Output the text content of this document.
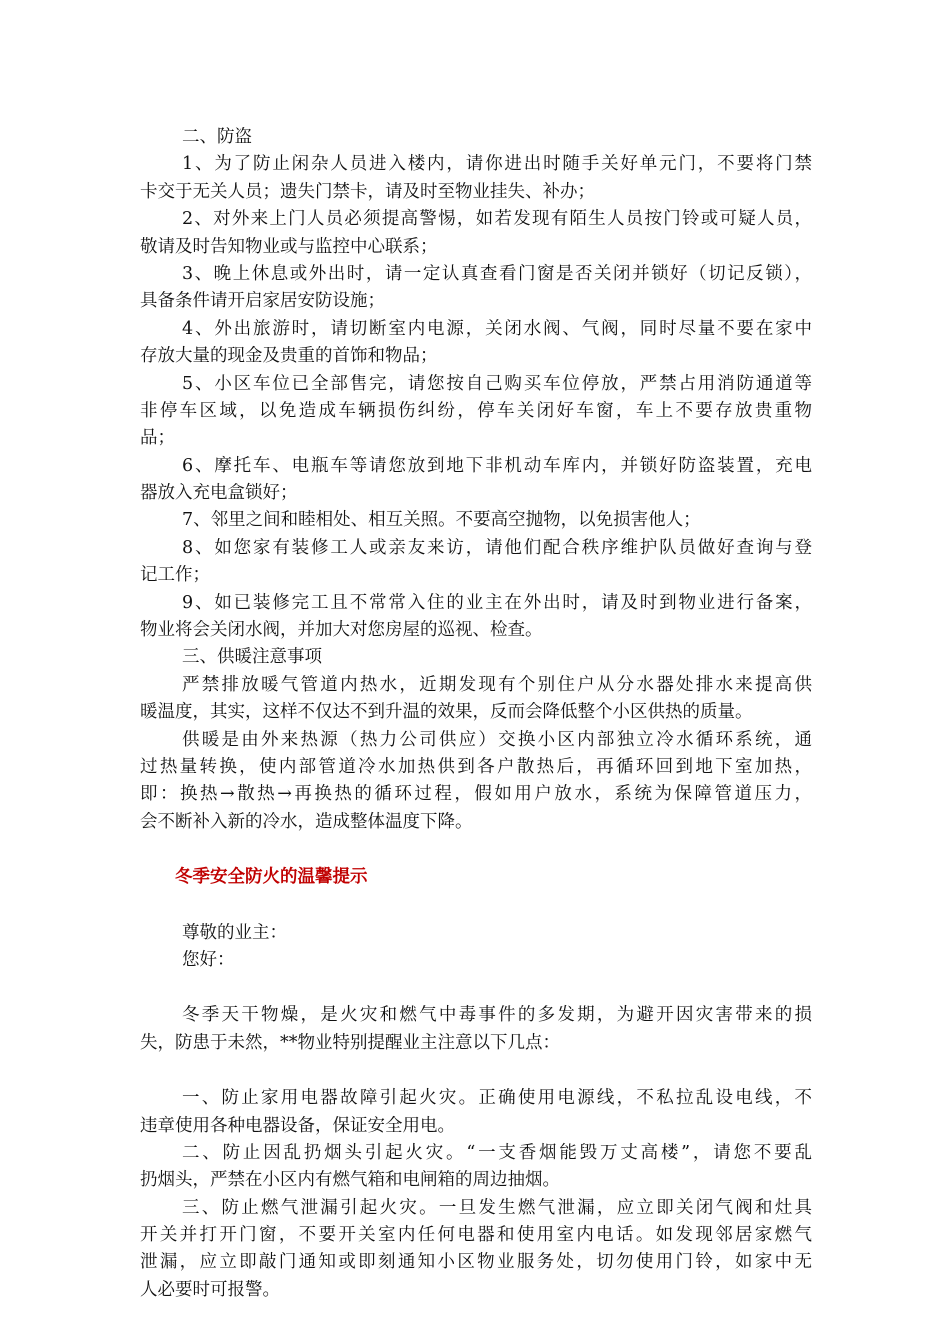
二、防盗
1、为了防止闲杂人员进入楼内，请你进出时随手关好单元门，不要将门禁
卡交于无关人员；遗失门禁卡，请及时至物业挂失、补办；
2、对外来上门人员必须提高警惕，如若发现有陌生人员按门铃或可疑人员，
敬请及时告知物业或与监控中心联系；
3、晚上休息或外出时，请一定认真查看门窗是否关闭并锁好（切记反锁），
具备条件请开启家居安防设施；
4、外出旅游时，请切断室内电源，关闭水阀、气阀，同时尽量不要在家中
存放大量的现金及贵重的首饰和物品；
5、小区车位已全部售完，请您按自己购买车位停放，严禁占用消防通道等
非停车区域，以免造成车辆损伤纠纷，停车关闭好车窗，车上不要存放贵重物
品；
6、摩托车、电瓶车等请您放到地下非机动车库内，并锁好防盗装置，充电
器放入充电盒锁好；
7、邻里之间和睦相处、相互关照。不要高空抛物，以免损害他人；
8、如您家有装修工人或亲友来访，请他们配合秩序维护队员做好查询与登
记工作；
9、如已装修完工且不常常入住的业主在外出时，请及时到物业进行备案，
物业将会关闭水阀，并加大对您房屋的巡视、检查。
三、供暖注意事项
严禁排放暖气管道内热水，近期发现有个别住户从分水器处排水来提高供
暖温度，其实，这样不仅达不到升温的效果，反而会降低整个小区供热的质量。
供暖是由外来热源（热力公司供应）交换小区内部独立冷水循环系统，通
过热量转换，使内部管道冷水加热供到各户散热后，再循环回到地下室加热，
即：换热→散热→再换热的循环过程，假如用户放水，系统为保障管道压力，
会不断补入新的冷水，造成整体温度下降。
冬季安全防火的温馨提示
尊敬的业主：
您好：
冬季天干物燥，是火灾和燃气中毒事件的多发期，为避开因灾害带来的损
失，防患于未然，**物业特别提醒业主注意以下几点：
一、防止家用电器故障引起火灾。正确使用电源线，不私拉乱设电线，不
违章使用各种电器设备，保证安全用电。
二、防止因乱扔烟头引起火灾。“一支香烟能毁万丈高楼”，请您不要乱
扔烟头，严禁在小区内有燃气箱和电闸箱的周边抽烟。
三、防止燃气泄漏引起火灾。一旦发生燃气泄漏，应立即关闭气阀和灶具
开关并打开门窗，不要开关室内任何电器和使用室内电话。如发现邻居家燃气
泄漏，应立即敲门通知或即刻通知小区物业服务处，切勿使用门铃，如家中无
人必要时可报警。
